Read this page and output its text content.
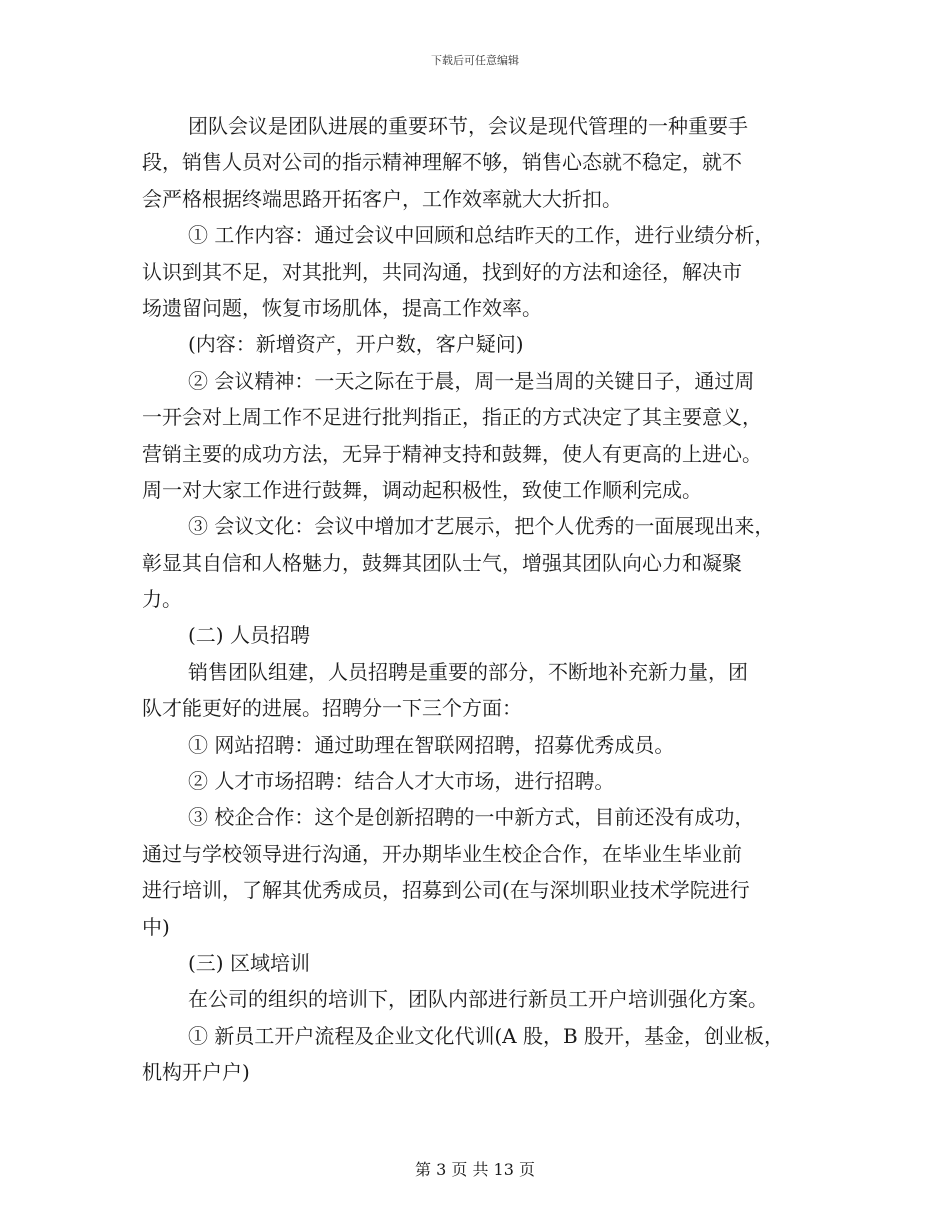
下载后可任意编辑
团队会议是团队进展的重要环节，会议是现代管理的一种重要手
段，销售人员对公司的指示精神理解不够，销售心态就不稳定，就不
会严格根据终端思路开拓客户，工作效率就大大折扣。
① 工作内容：通过会议中回顾和总结昨天的工作，进行业绩分析，
认识到其不足，对其批判，共同沟通，找到好的方法和途径，解决市
场遗留问题，恢复市场肌体，提高工作效率。
(内容：新增资产，开户数，客户疑问)
② 会议精神：一天之际在于晨，周一是当周的关键日子，通过周
一开会对上周工作不足进行批判指正，指正的方式决定了其主要意义，
营销主要的成功方法，无异于精神支持和鼓舞，使人有更高的上进心。
周一对大家工作进行鼓舞，调动起积极性，致使工作顺利完成。
③ 会议文化：会议中增加才艺展示，把个人优秀的一面展现出来，
彰显其自信和人格魅力，鼓舞其团队士气，增强其团队向心力和凝聚
力。
(二) 人员招聘
销售团队组建，人员招聘是重要的部分，不断地补充新力量，团
队才能更好的进展。招聘分一下三个方面：
① 网站招聘：通过助理在智联网招聘，招募优秀成员。
② 人才市场招聘：结合人才大市场，进行招聘。
③ 校企合作：这个是创新招聘的一中新方式，目前还没有成功，
通过与学校领导进行沟通，开办期毕业生校企合作，在毕业生毕业前
进行培训，了解其优秀成员，招募到公司(在与深圳职业技术学院进行
中)
(三) 区域培训
在公司的组织的培训下，团队内部进行新员工开户培训强化方案。
① 新员工开户流程及企业文化代训(A 股，B 股开，基金，创业板，
机构开户户)
第 3 页 共 13 页
